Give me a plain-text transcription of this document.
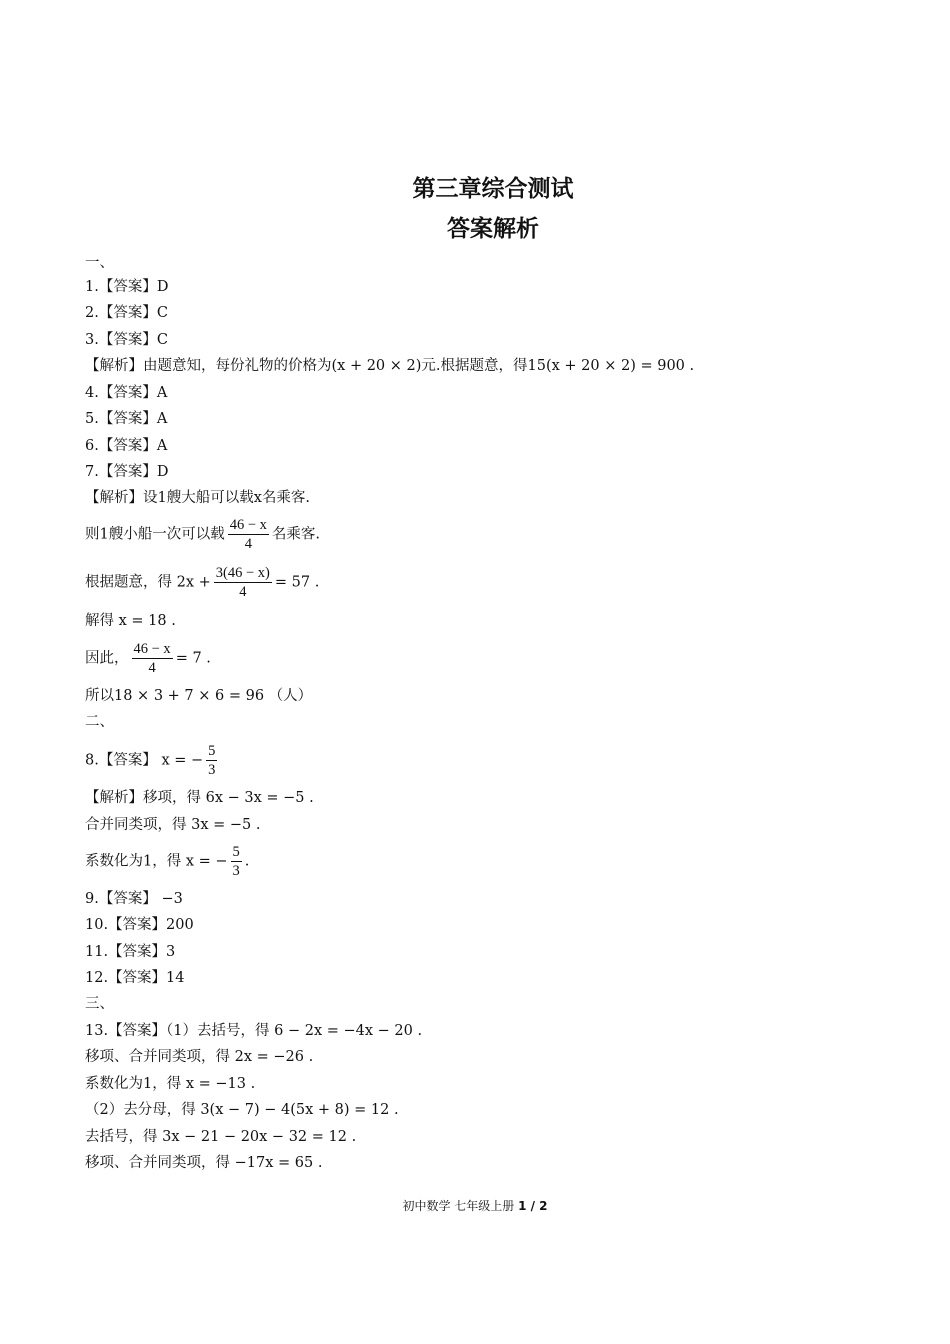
第三章综合测试
答案解析
一、
1.【答案】D
2.【答案】C
3.【答案】C
【解析】由题意知，每份礼物的价格为(x + 20 × 2)元.根据题意，得15(x + 20 × 2) = 900 .
4.【答案】A
5.【答案】A
6.【答案】A
7.【答案】D
【解析】设1艘大船可以载x名乘客.
则1艘小船一次可以载 $\frac{46 - x}{4}$ 名乘客.
根据题意，得 $2x + \frac{3(46 - x)}{4} = 57$ .
解得 x = 18 .
因此， $\frac{46 - x}{4} = 7$ .
所以18 × 3 + 7 × 6 = 96 （人）
二、
8.【答案】 x = − $\frac{5}{3}$
【解析】移项，得 6x − 3x = −5 .
合并同类项，得 3x = −5 .
系数化为1，得 x = − $\frac{5}{3}$ .
9.【答案】 −3
10.【答案】200
11.【答案】3
12.【答案】14
三、
13.【答案】（1）去括号，得 6 − 2x = −4x − 20 .
移项、合并同类项，得 2x = −26 .
系数化为1，得 x = −13 .
（2）去分母，得 3(x − 7) − 4(5x + 8) = 12 .
去括号，得 3x − 21 − 20x − 32 = 12 .
移项、合并同类项，得 −17x = 65 .
初中数学 七年级上册 1 / 2
